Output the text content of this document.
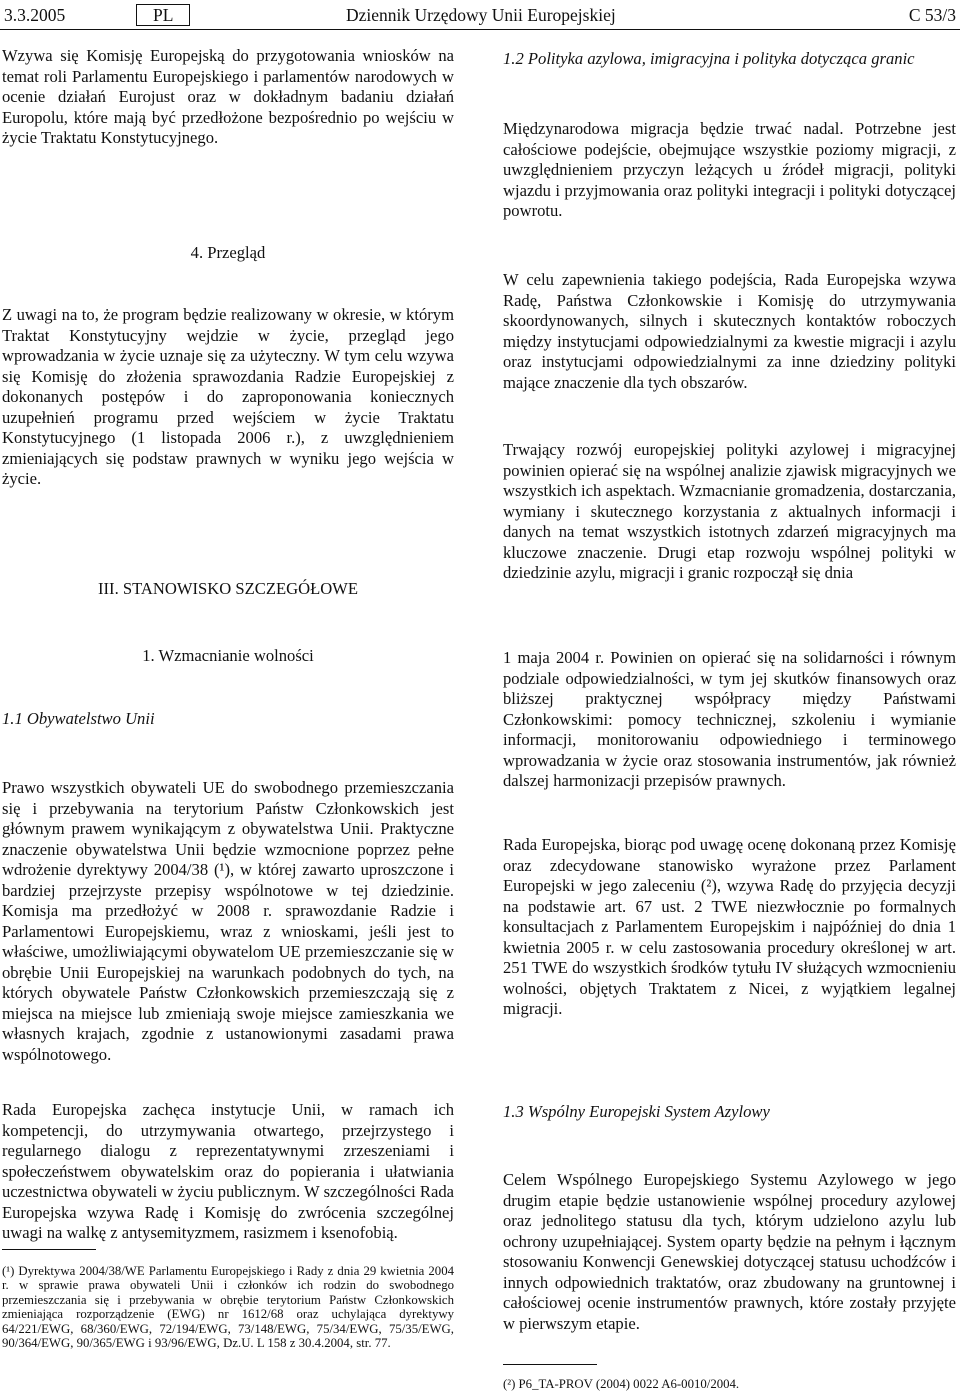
3.3.2005	PL	Dziennik Urzędowy Unii Europejskiej	C 53/3

Wzywa się Komisję Europejską do przygotowania wniosków na temat roli Parlamentu Europejskiego i parlamentów narodowych w ocenie działań Eurojust oraz w dokładnym badaniu działań Europolu, które mają być przedłożone bezpośrednio po wejściu w życie Traktatu Konstytucyjnego.

4. Przegląd

Z uwagi na to, że program będzie realizowany w okresie, w którym Traktat Konstytucyjny wejdzie w życie, przegląd jego wprowadzania w życie uznaje się za użyteczny. W tym celu wzywa się Komisję do złożenia sprawozdania Radzie Europejskiej z dokonanych postępów i do zaproponowania koniecznych uzupełnień programu przed wejściem w życie Traktatu Konstytucyjnego (1 listopada 2006 r.), z uwzględnieniem zmieniających się podstaw prawnych w wyniku jego wejścia w życie.

III. STANOWISKO SZCZEGÓŁOWE

1.2 Polityka azylowa, imigracyjna i polityka dotycząca granic

Międzynarodowa migracja będzie trwać nadal. Potrzebne jest całościowe podejście, obejmujące wszystkie poziomy migracji, z uwzględnieniem przyczyn leżących u źródeł migracji, polityki wjazdu i przyjmowania oraz polityki integracji i polityki dotyczącej powrotu.

W celu zapewnienia takiego podejścia, Rada Europejska wzywa Radę, Państwa Członkowskie i Komisję do utrzymywania skoordynowanych, silnych i skutecznych kontaktów roboczych między instytucjami odpowiedzialnymi za kwestie migracji i azylu oraz instytucjami odpowiedzialnymi za inne dziedziny polityki mające znaczenie dla tych obszarów.

Trwający rozwój europejskiej polityki azylowej i migracyjnej powinien opierać się na wspólnej analizie zjawisk migracyjnych we wszystkich ich aspektach. Wzmacnianie gromadzenia, dostarczania, wymiany i skutecznego korzystania z aktualnych informacji i danych na temat wszystkich istotnych zdarzeń migracyjnych ma kluczowe znaczenie. Drugi etap rozwoju wspólnej polityki w dziedzinie azylu, migracji i granic rozpoczął się dnia

1. Wzmacnianie wolności

1.1 Obywatelstwo Unii

Prawo wszystkich obywateli UE do swobodnego przemieszczania się i przebywania na terytorium Państw Członkowskich jest głównym prawem wynikającym z obywatelstwa Unii. Praktyczne znaczenie obywatelstwa Unii będzie wzmocnione poprzez pełne wdrożenie dyrektywy 2004/38 (¹), w której zawarto uproszczone i bardziej przejrzyste przepisy wspólnotowe w tej dziedzinie. Komisja ma przedłożyć w 2008 r. sprawozdanie Radzie i Parlamentowi Europejskiemu, wraz z wnioskami, jeśli jest to właściwe, umożliwiającymi obywatelom UE przemieszczanie się w obrębie Unii Europejskiej na warunkach podobnych do tych, na których obywatele Państw Członkowskich przemieszczają się z miejsca na miejsce lub zmieniają swoje miejsce zamieszkania we własnych krajach, zgodnie z ustanowionymi zasadami prawa wspólnotowego.

1 maja 2004 r. Powinien on opierać się na solidarności i równym podziale odpowiedzialności, w tym jej skutków finansowych oraz bliższej praktycznej współpracy między Państwami Członkowskimi: pomocy technicznej, szkoleniu i wymianie informacji, monitorowaniu odpowiedniego i terminowego wprowadzania w życie oraz stosowania instrumentów, jak również dalszej harmonizacji przepisów prawnych.

Rada Europejska, biorąc pod uwagę ocenę dokonaną przez Komisję oraz zdecydowane stanowisko wyrażone przez Parlament Europejski w jego zaleceniu (²), wzywa Radę do przyjęcia decyzji na podstawie art. 67 ust. 2 TWE niezwłocznie po formalnych konsultacjach z Parlamentem Europejskim i najpóźniej do dnia 1 kwietnia 2005 r. w celu zastosowania procedury określonej w art. 251 TWE do wszystkich środków tytułu IV służących wzmocnieniu wolności, objętych Traktatem z Nicei, z wyjątkiem legalnej migracji.

Rada Europejska zachęca instytucje Unii, w ramach ich kompetencji, do utrzymywania otwartego, przejrzystego i regularnego dialogu z reprezentatywnymi zrzeszeniami i społeczeństwem obywatelskim oraz do popierania i ułatwiania uczestnictwa obywateli w życiu publicznym. W szczególności Rada Europejska wzywa Radę i Komisję do zwrócenia szczególnej uwagi na walkę z antysemityzmem, rasizmem i ksenofobią.

(¹) Dyrektywa 2004/38/WE Parlamentu Europejskiego i Rady z dnia 29 kwietnia 2004 r. w sprawie prawa obywateli Unii i członków ich rodzin do swobodnego przemieszczania się i przebywania w obrębie terytorium Państw Członkowskich zmieniająca rozporządzenie (EWG) nr 1612/68 oraz uchylająca dyrektywy 64/221/EWG, 68/360/EWG, 72/194/EWG, 73/148/EWG, 75/34/EWG, 75/35/EWG, 90/364/EWG, 90/365/EWG i 93/96/EWG, Dz.U. L 158 z 30.4.2004, str. 77.

1.3 Wspólny Europejski System Azylowy

Celem Wspólnego Europejskiego Systemu Azylowego w jego drugim etapie będzie ustanowienie wspólnej procedury azylowej oraz jednolitego statusu dla tych, którym udzielono azylu lub ochrony uzupełniającej. System oparty będzie na pełnym i łącznym stosowaniu Konwencji Genewskiej dotyczącej statusu uchodźców i innych odpowiednich traktatów, oraz zbudowany na gruntownej i całościowej ocenie instrumentów prawnych, które zostały przyjęte w pierwszym etapie.

(²) P6_TA-PROV (2004) 0022 A6-0010/2004.
